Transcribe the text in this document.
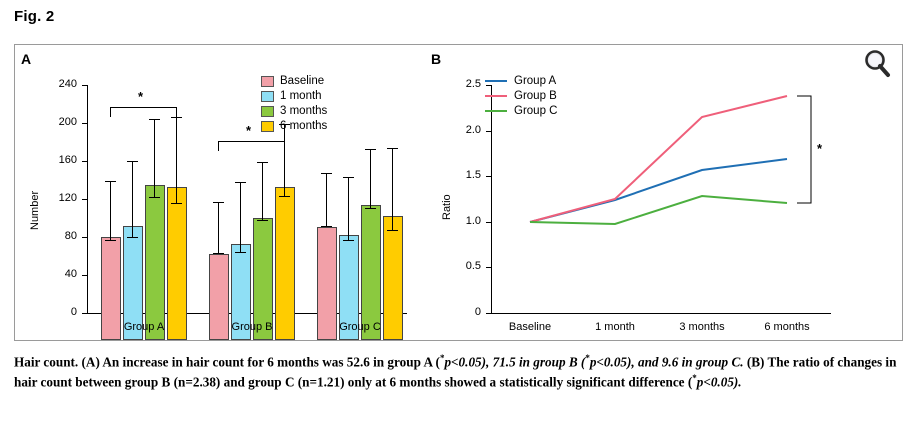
Fig. 2
A
Number
240
200
160
120
80
40
0
*
*
Group A	Group B	Group C
Baseline
1 month
3 months
6 months
B
Ratio
2.5
2.0
1.5
1.0
0.5
0
*
Baseline	1 month	3 months	6 months
Group A
Group B
Group C
Hair count. (A) An increase in hair count for 6 months was 52.6 in group A (*p<0.05), 71.5 in group B (*p<0.05), and 9.6 in group C. (B) The ratio of changes in hair count between group B (n=2.38) and group C (n=1.21) only at 6 months showed a statistically significant difference (*p<0.05).
